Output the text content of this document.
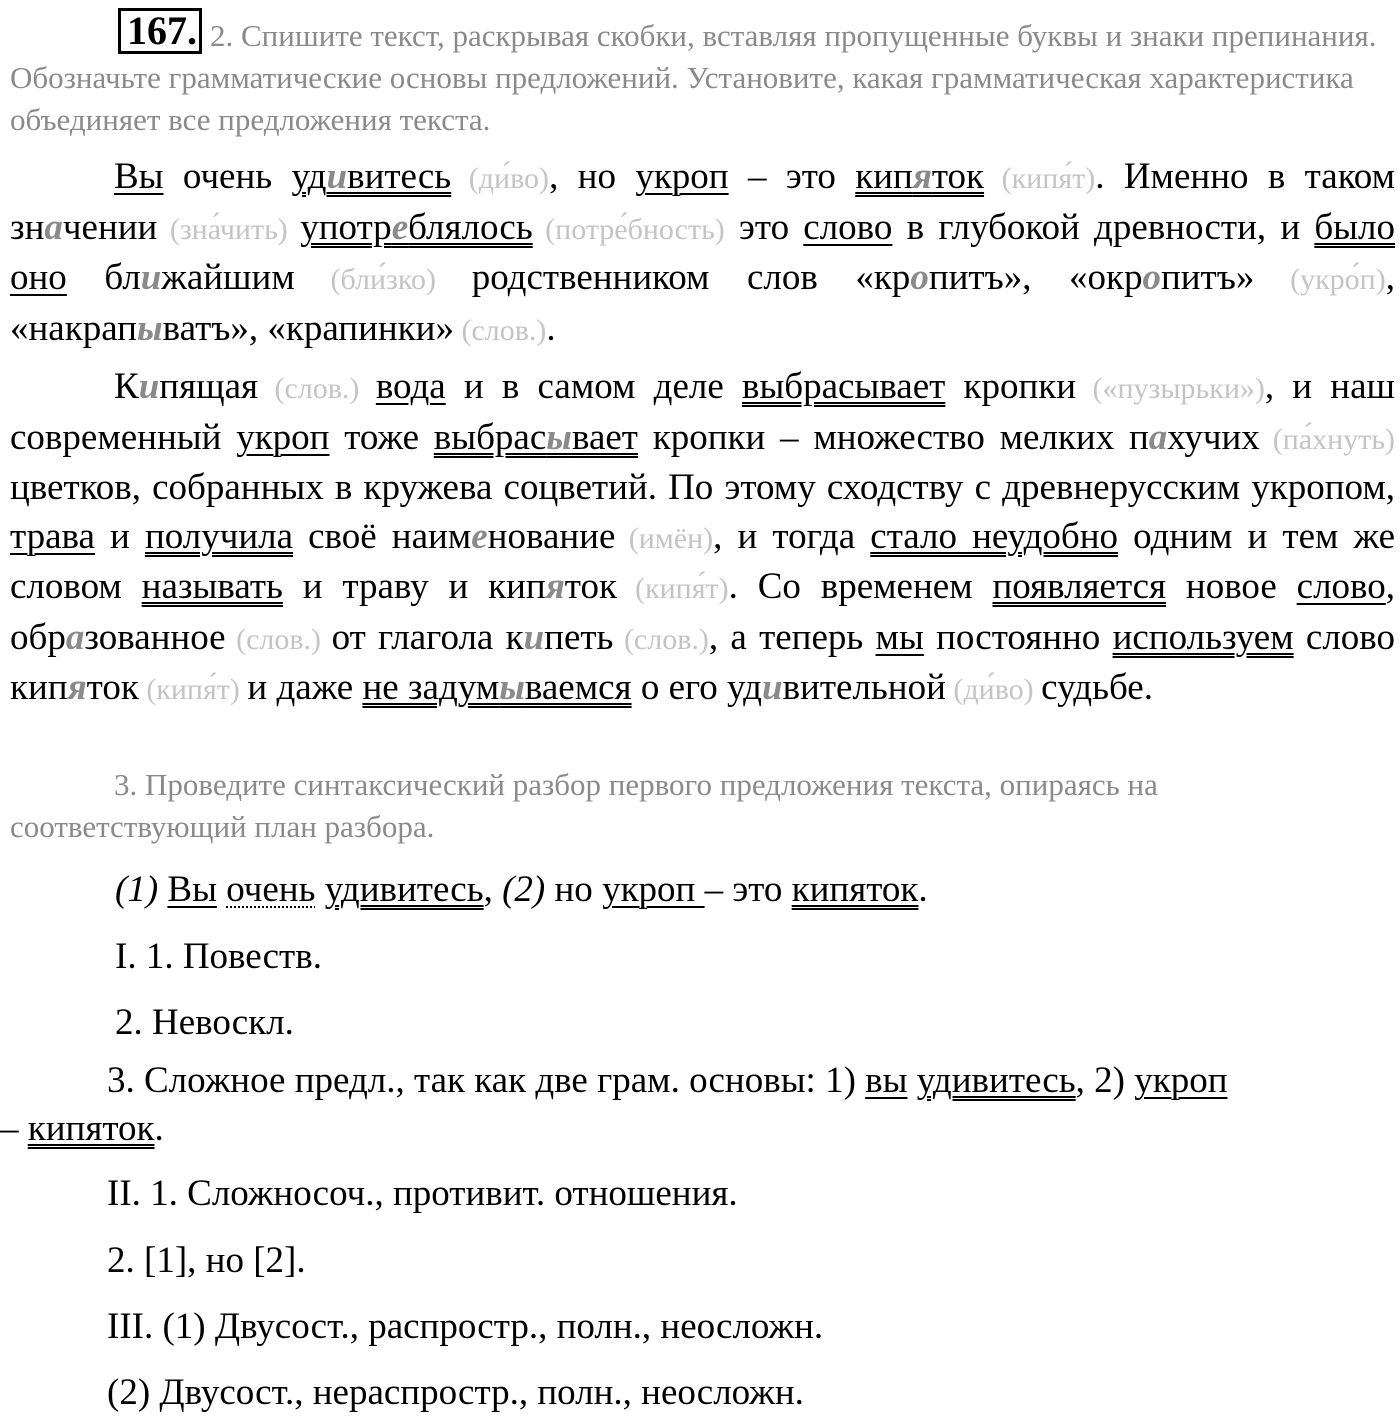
167. 2. Спишите текст, раскрывая скобки, вставляя пропущенные буквы и знаки препинания. Обозначьте грамматические основы предложений. Установите, какая грамматическая характеристика объединяет все предложения текста.

Вы очень удивитесь (ди́во), но укроп – это кипяток (кипя́т). Именно в таком значении (зна́чить) употреблялось (потре́бность) это слово в глубокой древности, и было оно ближайшим (бли́зко) родственником слов «кропитъ», «окропитъ» (укро́п), «накрапыватъ», «крапинки» (слов.).

Кипящая (слов.) вода и в самом деле выбрасывает кропки («пузырьки»), и наш современный укроп тоже выбрасывает кропки – множество мелких пахучих (па́хнуть) цветков, собранных в кружева соцветий. По этому сходству с древнерусским укропом, трава и получила своё наименование (имён), и тогда стало неудобно одним и тем же словом называть и траву и кипяток (кипя́т). Со временем появляется новое слово, образованное (слов.) от глагола кипеть (слов.), а теперь мы постоянно используем слово кипяток (кипя́т) и даже не задумываемся о его удивительной (ди́во) судьбе.

3. Проведите синтаксический разбор первого предложения текста, опираясь на соответствующий план разбора.

(1) Вы очень удивитесь, (2) но укроп – это кипяток.

I. 1. Повеств.

2. Невоскл.

3. Сложное предл., так как две грам. основы: 1) вы удивитесь, 2) укроп

– кипяток.

II. 1. Сложносоч., противит. отношения.

2. [1], но [2].

III. (1) Двусост., распростр., полн., неосложн.

(2) Двусост., нераспростр., полн., неосложн.
